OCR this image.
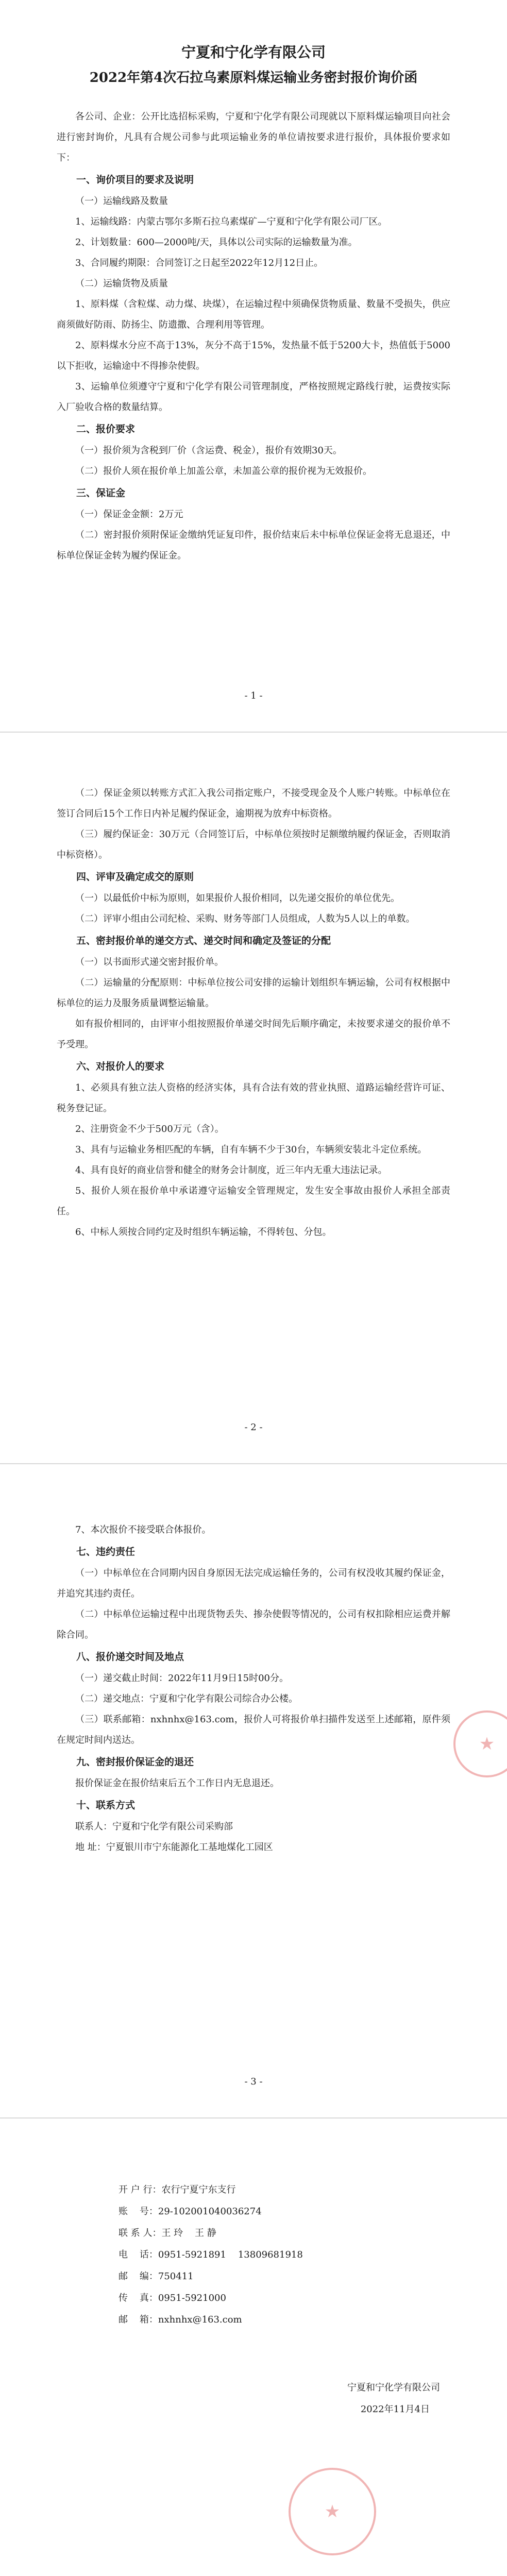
宁夏和宁化学有限公司
2022年第4次石拉乌素原料煤运输业务密封报价询价函

各公司、企业：公开比选招标采购，宁夏和宁化学有限公司现就以下原料煤运输项目向社会进行密封询价，凡具有合规公司参与此项运输业务的单位请按要求进行报价，具体报价要求如下：

一、询价项目的要求及说明

（一）运输线路及数量

1、运输线路：内蒙古鄂尔多斯石拉乌素煤矿—宁夏和宁化学有限公司厂区。

2、计划数量：600—2000吨/天，具体以公司实际的运输数量为准。

3、合同履约期限：合同签订之日起至2022年12月12日止。

（二）运输货物及质量

1、原料煤（含粒煤、动力煤、块煤），在运输过程中须确保货物质量、数量不受损失，供应商须做好防雨、防扬尘、防遗撒、合理利用等管理。

2、原料煤水分应不高于13%，灰分不高于15%，发热量不低于5200大卡，热值低于5000以下拒收，运输途中不得掺杂使假。

3、运输单位须遵守宁夏和宁化学有限公司管理制度，严格按照规定路线行驶，运费按实际入厂验收合格的数量结算。

二、报价要求

（一）报价须为含税到厂价（含运费、税金），报价有效期30天。

（二）报价人须在报价单上加盖公章，未加盖公章的报价视为无效报价。

三、保证金

（一）保证金金额：2万元

（二）密封报价须附保证金缴纳凭证复印件，报价结束后未中标单位保证金将无息退还，中标单位保证金转为履约保证金。

- 1 -

（二）保证金须以转账方式汇入我公司指定账户，不接受现金及个人账户转账。中标单位在签订合同后15个工作日内补足履约保证金，逾期视为放弃中标资格。

（三）履约保证金：30万元（合同签订后，中标单位须按时足额缴纳履约保证金，否则取消中标资格）。

四、评审及确定成交的原则

（一）以最低价中标为原则，如果报价人报价相同，以先递交报价的单位优先。

（二）评审小组由公司纪检、采购、财务等部门人员组成，人数为5人以上的单数。

五、密封报价单的递交方式、递交时间和确定及签证的分配

（一）以书面形式递交密封报价单。

（二）运输量的分配原则：中标单位按公司安排的运输计划组织车辆运输，公司有权根据中标单位的运力及服务质量调整运输量。

如有报价相同的，由评审小组按照报价单递交时间先后顺序确定，未按要求递交的报价单不予受理。

六、对报价人的要求

1、必须具有独立法人资格的经济实体，具有合法有效的营业执照、道路运输经营许可证、税务登记证。

2、注册资金不少于500万元（含）。

3、具有与运输业务相匹配的车辆，自有车辆不少于30台，车辆须安装北斗定位系统。

4、具有良好的商业信誉和健全的财务会计制度，近三年内无重大违法记录。

5、报价人须在报价单中承诺遵守运输安全管理规定，发生安全事故由报价人承担全部责任。

6、中标人须按合同约定及时组织车辆运输，不得转包、分包。

- 2 -

7、本次报价不接受联合体报价。

七、违约责任

（一）中标单位在合同期内因自身原因无法完成运输任务的，公司有权没收其履约保证金，并追究其违约责任。

（二）中标单位运输过程中出现货物丢失、掺杂使假等情况的，公司有权扣除相应运费并解除合同。

八、报价递交时间及地点

（一）递交截止时间：2022年11月9日15时00分。

（二）递交地点：宁夏和宁化学有限公司综合办公楼。

（三）联系邮箱：nxhnhx@163.com，报价人可将报价单扫描件发送至上述邮箱，原件须在规定时间内送达。

九、密封报价保证金的退还

报价保证金在报价结束后五个工作日内无息退还。

十、联系方式

联系人：宁夏和宁化学有限公司采购部

地 址：宁夏银川市宁东能源化工基地煤化工园区

★
- 3 -
开 户 行：农行宁夏宁东支行
账    号：29-102001040036274
联 系 人：王 玲    王 静
电    话：0951-5921891    13809681918
邮    编：750411
传    真：0951-5921000
邮    箱：nxhnhx@163.com
宁夏和宁化学有限公司
2022年11月4日
★
